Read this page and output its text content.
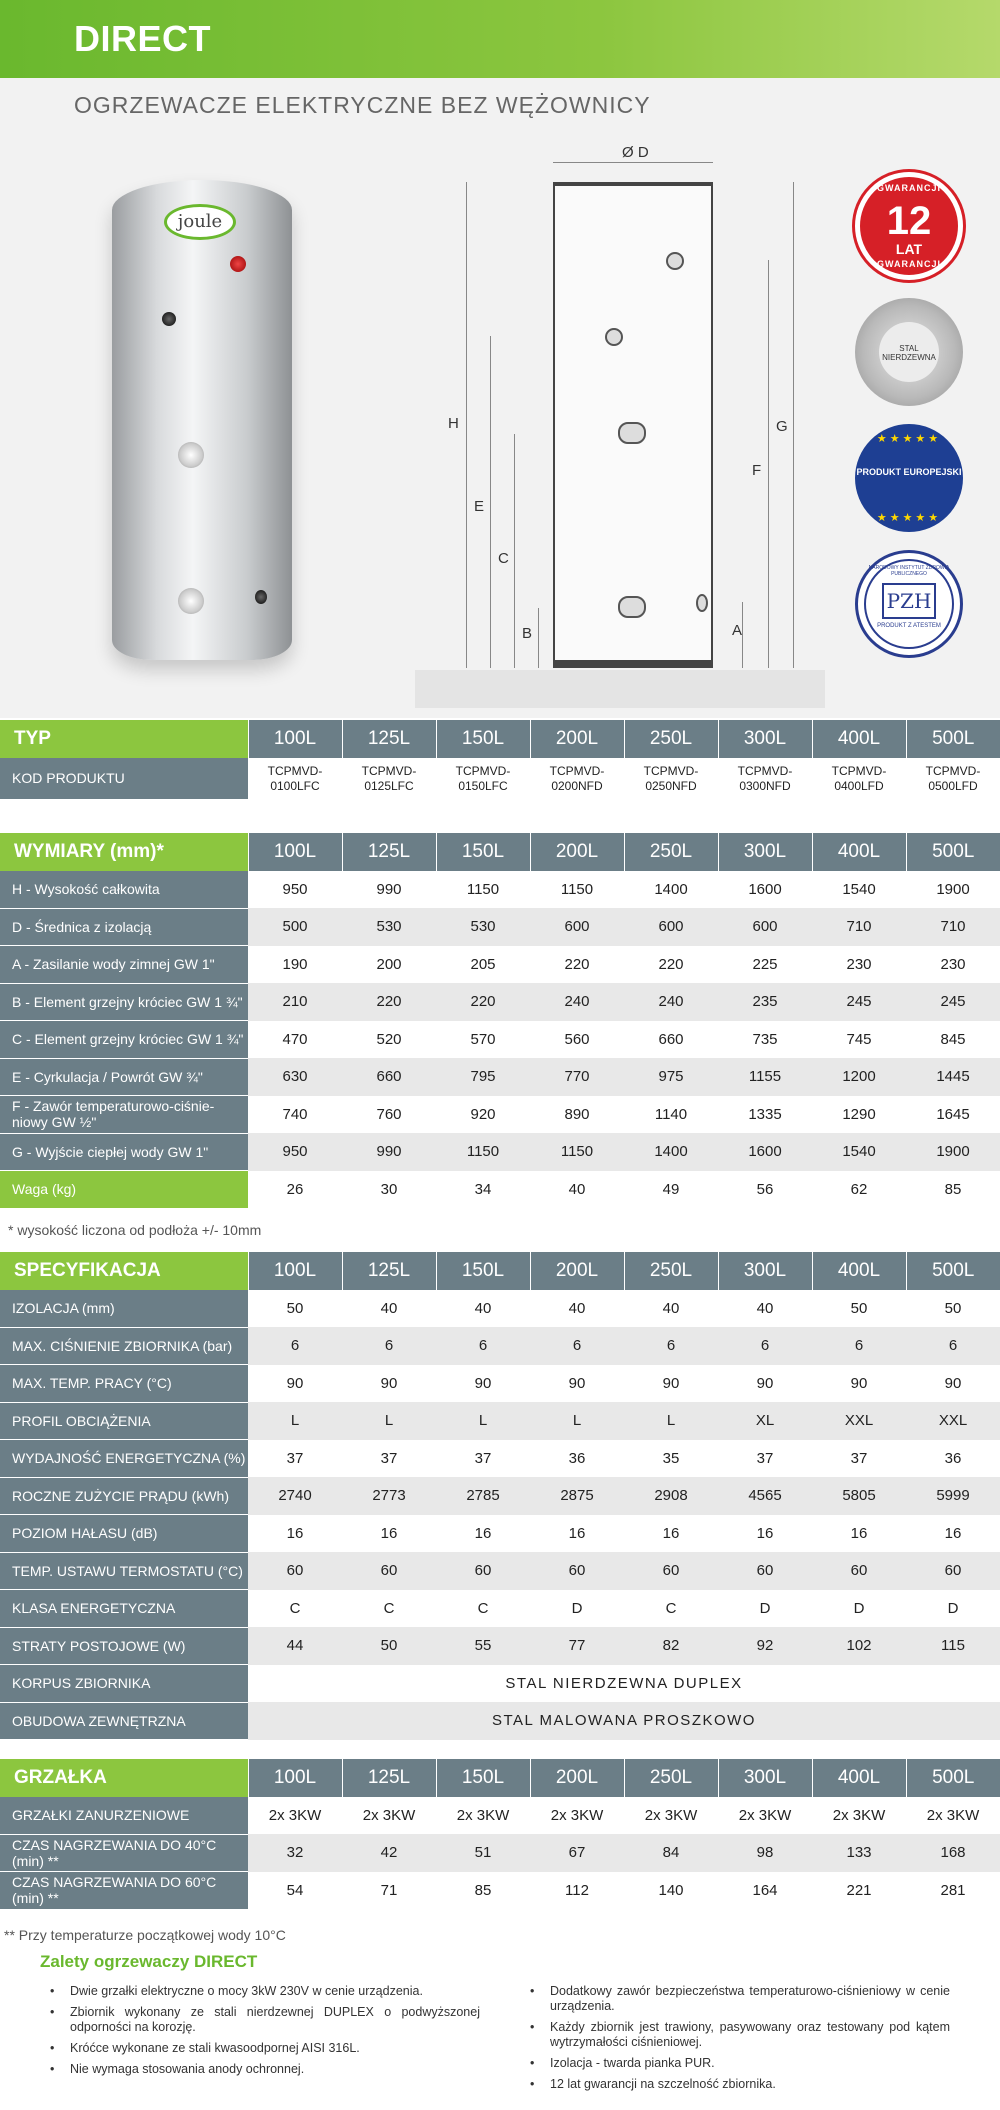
DIRECT
OGRZEWACZE ELEKTRYCZNE BEZ WĘŻOWNICY
joule
Ø D
H
E
C
B
G
F
A
GWARANCJI
12
LAT
GWARANCJI
STAL NIERDZEWNA
★★★★★
PRODUKT EUROPEJSKI
★★★★★
NARODOWY INSTYTUT ZDROWIA PUBLICZNEGO
PZH
PRODUKT Z ATESTEM
TYP	100L	125L	150L	200L	250L	300L	400L	500L
KOD PRODUKTU	TCPMVD-0100LFC	TCPMVD-0125LFC	TCPMVD-0150LFC	TCPMVD-0200NFD	TCPMVD-0250NFD	TCPMVD-0300NFD	TCPMVD-0400LFD	TCPMVD-0500LFD
WYMIARY (mm)*	100L	125L	150L	200L	250L	300L	400L	500L
H - Wysokość całkowita	950	990	1150	1150	1400	1600	1540	1900
D - Średnica z izolacją	500	530	530	600	600	600	710	710
A - Zasilanie wody zimnej GW 1"	190	200	205	220	220	225	230	230
B - Element grzejny króciec GW 1 ¾"	210	220	220	240	240	235	245	245
C - Element grzejny króciec GW 1 ¾"	470	520	570	560	660	735	745	845
E - Cyrkulacja / Powrót GW ¾"	630	660	795	770	975	1155	1200	1445
F - Zawór temperaturowo-ciśnie-niowy GW ½"	740	760	920	890	1140	1335	1290	1645
G - Wyjście ciepłej wody GW 1"	950	990	1150	1150	1400	1600	1540	1900
Waga (kg)	26	30	34	40	49	56	62	85
* wysokość liczona od podłoża +/- 10mm
SPECYFIKACJA	100L	125L	150L	200L	250L	300L	400L	500L
IZOLACJA (mm)	50	40	40	40	40	40	50	50
MAX. CIŚNIENIE ZBIORNIKA (bar)	6	6	6	6	6	6	6	6
MAX. TEMP. PRACY (°C)	90	90	90	90	90	90	90	90
PROFIL OBCIĄŻENIA	L	L	L	L	L	XL	XXL	XXL
WYDAJNOŚĆ ENERGETYCZNA (%)	37	37	37	36	35	37	37	36
ROCZNE ZUŻYCIE PRĄDU (kWh)	2740	2773	2785	2875	2908	4565	5805	5999
POZIOM HAŁASU (dB)	16	16	16	16	16	16	16	16
TEMP. USTAWU TERMOSTATU (°C)	60	60	60	60	60	60	60	60
KLASA ENERGETYCZNA	C	C	C	D	C	D	D	D
STRATY POSTOJOWE (W)	44	50	55	77	82	92	102	115
KORPUS ZBIORNIKA	STAL NIERDZEWNA DUPLEX							
OBUDOWA ZEWNĘTRZNA	STAL MALOWANA PROSZKOWO							
GRZAŁKA	100L	125L	150L	200L	250L	300L	400L	500L
GRZAŁKI ZANURZENIOWE	2x 3KW	2x 3KW	2x 3KW	2x 3KW	2x 3KW	2x 3KW	2x 3KW	2x 3KW
CZAS NAGRZEWANIA DO 40°C (min) **	32	42	51	67	84	98	133	168
CZAS NAGRZEWANIA DO 60°C (min) **	54	71	85	112	140	164	221	281
** Przy temperaturze początkowej wody 10°C
Zalety ogrzewaczy DIRECT
• Dwie grzałki elektryczne o mocy 3kW 230V w cenie urządzenia.
• Zbiornik wykonany ze stali nierdzewnej DUPLEX o podwyższonej odporności na korozję.
• Króćce wykonane ze stali kwasoodpornej AISI 316L.
• Nie wymaga stosowania anody ochronnej.
• Dodatkowy zawór bezpieczeństwa temperaturowo-ciśnieniowy w cenie urządzenia.
• Każdy zbiornik jest trawiony, pasywowany oraz testowany pod kątem wytrzymałości ciśnieniowej.
• Izolacja - twarda pianka PUR.
• 12 lat gwarancji na szczelność zbiornika.
